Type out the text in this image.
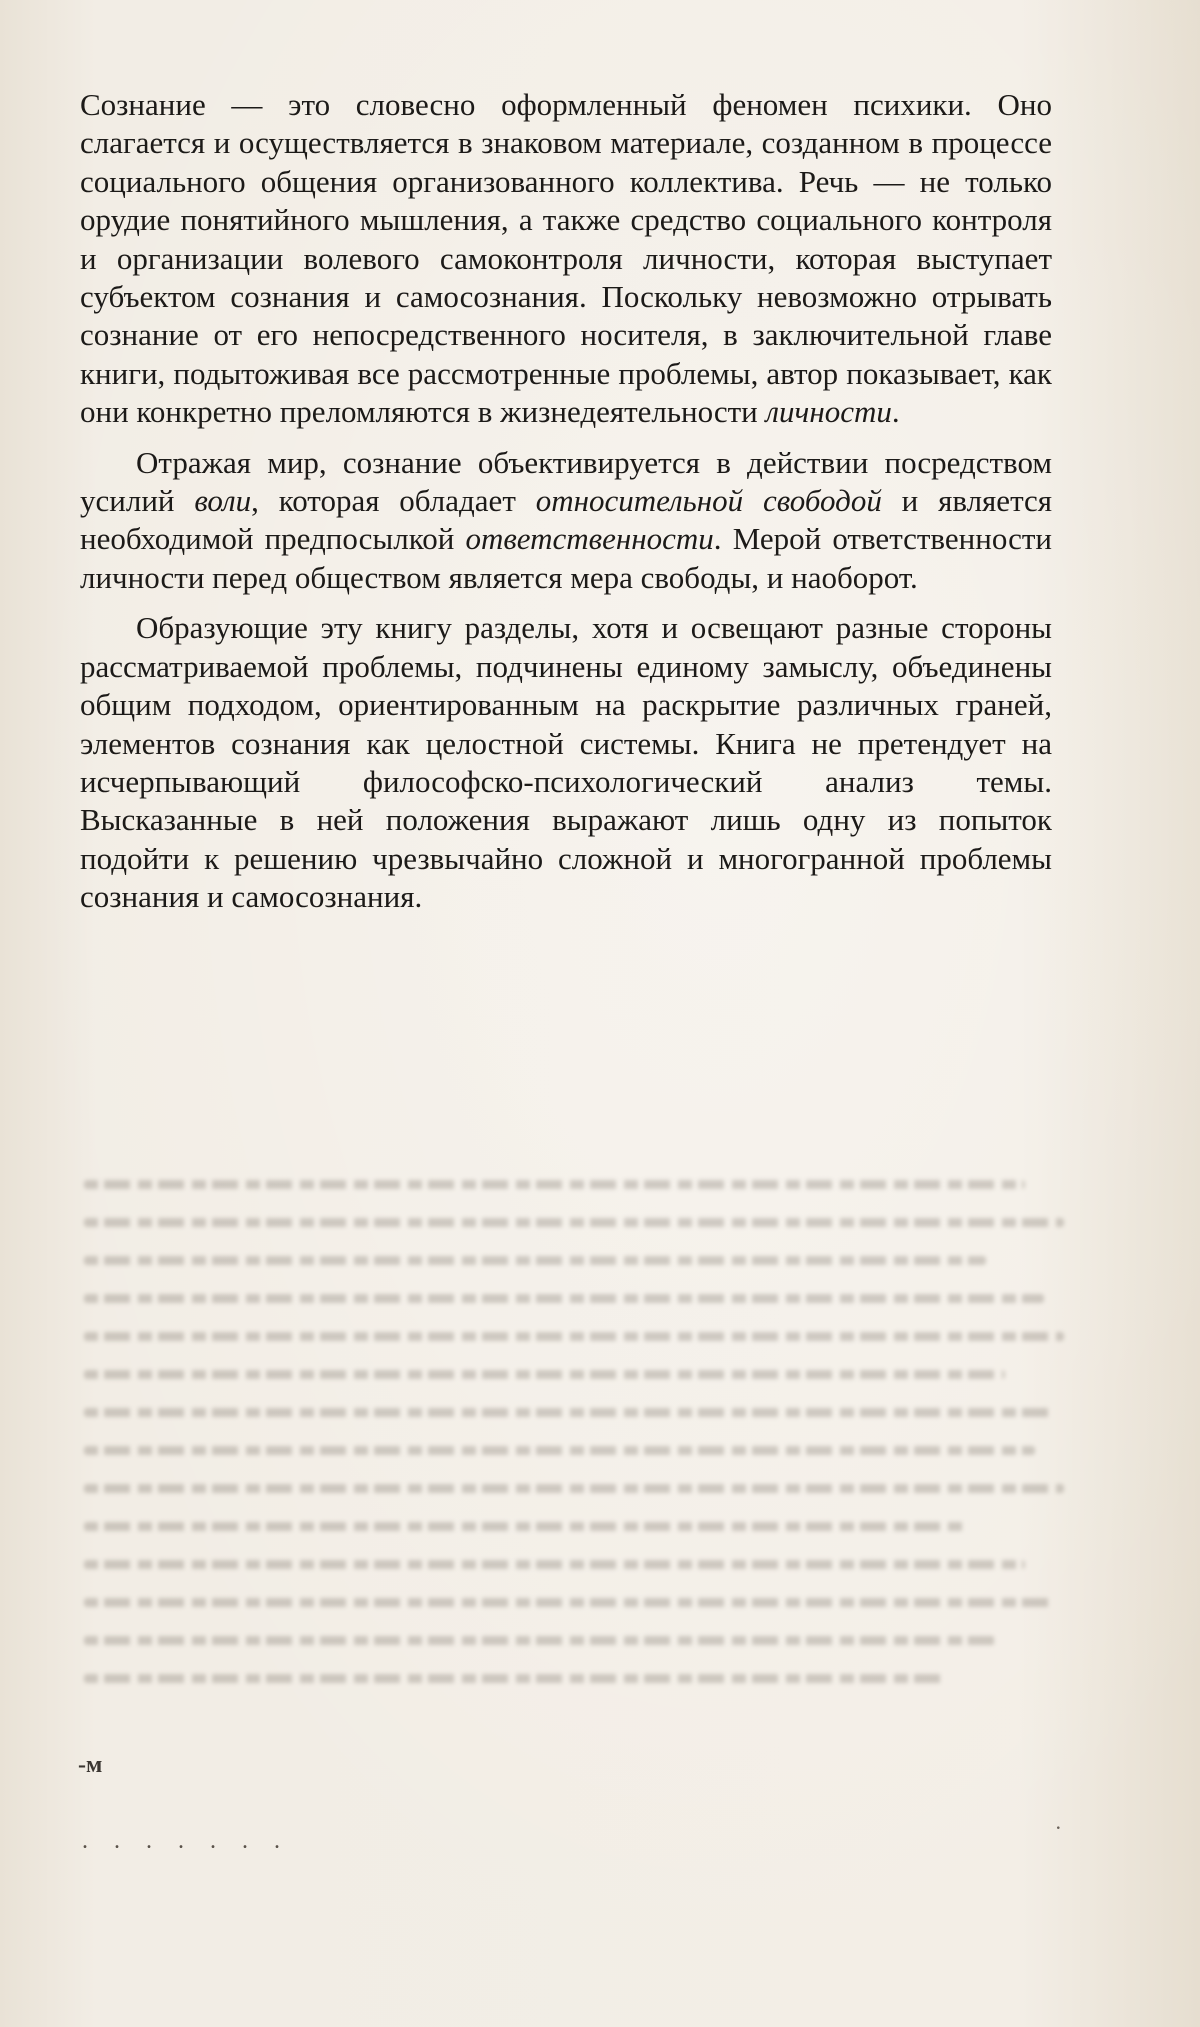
Сознание — это словесно оформленный феномен психики. Оно слагается и осуществляется в знаковом материале, созданном в процессе социального общения организованного коллектива. Речь — не только орудие понятийного мышления, а также средство социального контроля и организации волевого самоконтроля личности, которая выступает субъектом сознания и самосознания. Поскольку невозможно отрывать сознание от его непосредственного носителя, в заключительной главе книги, подытоживая все рассмотренные проблемы, автор показывает, как они конкретно преломляются в жизнедеятельности личности.

Отражая мир, сознание объективируется в действии посредством усилий воли, которая обладает относительной свободой и является необходимой предпосылкой ответственности. Мерой ответственности личности перед обществом является мера свободы, и наоборот.

Образующие эту книгу разделы, хотя и освещают разные стороны рассматриваемой проблемы, подчинены единому замыслу, объединены общим подходом, ориентированным на раскрытие различных граней, элементов сознания как целостной системы. Книга не претендует на исчерпывающий философско-психологический анализ темы. Высказанные в ней положения выражают лишь одну из попыток подойти к решению чрезвычайно сложной и многогранной проблемы сознания и самосознания.

-м
. . . . . . .
·
